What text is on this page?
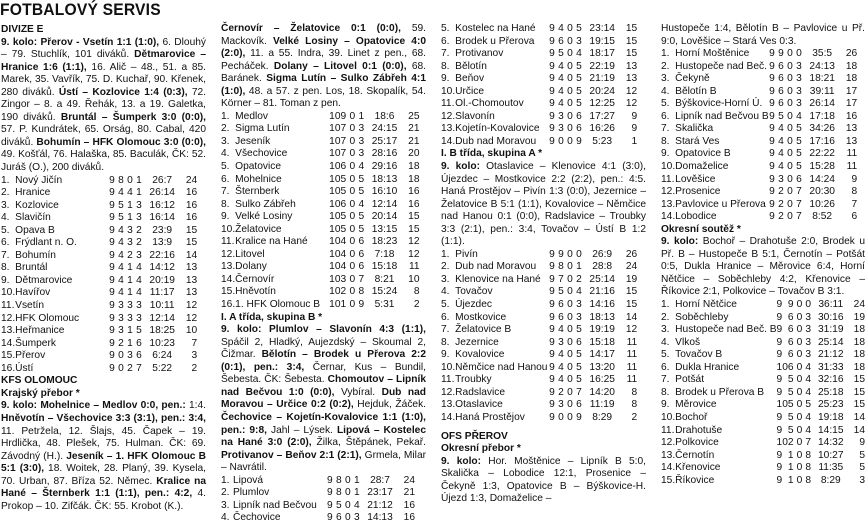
FOTBALOVÝ SERVIS
DIVIZE E
9. kolo: Přerov - Vsetín 1:1 (1:0), 6. Dlouhý – 79. Stuchlík, 101 diváků. Dětmarovice – Hranice 1:6 (1:1), 16. Alič – 48., 51. a 85. Marek, 35. Vavřík, 75. D. Kuchař, 90. Křenek, 280 diváků. Ústí – Kozlovice 1:4 (0:3), 72. Zingor – 8. a 49. Řehák, 13. a 19. Galetka, 190 diváků. Bruntál – Šumperk 3:0 (0:0), 57. P. Kundrátek, 65. Orság, 80. Cabal, 420 diváků. Bohumín – HFK Olomouc 3:0 (0:0), 49. Košťál, 76. Halaška, 85. Baculák, ČK: 52. Juráš (O.), 200 diváků.
1.	Nový Jičín	9	8	0	1	26:7	24
2.	Hranice	9	4	4	1	26:14	16
3.	Kozlovice	9	5	1	3	16:12	16
4.	Slavičín	9	5	1	3	16:14	16
5.	Opava B	9	4	3	2	23:9	15
6.	Frýdlant n. O.	9	4	3	2	13:9	15
7.	Bohumín	9	4	2	3	22:16	14
8.	Bruntál	9	4	1	4	14:12	13
9.	Dětmarovice	9	4	1	4	20:19	13
10.	Havířov	9	4	1	4	11:17	13
11.	Vsetín	9	3	3	3	10:11	12
12.	HFK Olomouc	9	3	3	3	12:14	12
13.	Heřmanice	9	3	1	5	18:25	10
14.	Šumperk	9	2	1	6	10:23	7
15.	Přerov	9	0	3	6	6:24	3
16.	Ústí	9	0	2	7	5:22	2
KFS OLOMOUC
Krajský přebor *
9. kolo: Mohelnice – Medlov 0:0, pen.: 1:4. Hněvotín – Všechovice 3:3 (3:1), pen.: 3:4, 11. Petržela, 12. Šlajs, 45. Čapek – 19. Hrdlička, 48. Plešek, 75. Hulman. ČK: 69. Závodný (H.). Jeseník – 1. HFK Olomouc B 5:1 (3:0), 18. Woitek, 28. Planý, 39. Kysela, 70. Urban, 87. Bříza 52. Němec. Kralice na Hané – Šternberk 1:1 (1:1), pen.: 4:2, 4. Prokop – 10. Zifčák. ČK: 55. Krobot (K.).
Černovír – Želatovice 0:1 (0:0), 59. Mackovík. Velké Losiny – Opatovice 4:0 (2:0), 11. a 55. Indra, 39. Linet z pen., 68. Pecháček. Dolany – Litovel 0:1 (0:0), 68. Baránek. Sigma Lutín – Sulko Zábřeh 4:1 (1:0), 48. a 57. z pen. Los, 18. Skopalík, 54. Körner – 81. Toman z pen.
1.	Medlov	10	9	0	1	18:6	25
2.	Sigma Lutín	10	7	0	3	24:15	21
3.	Jeseník	10	7	0	3	25:17	21
4.	Všechovice	10	7	0	3	28:16	20
5.	Opatovice	10	6	0	4	29:16	18
6.	Mohelnice	10	5	0	5	18:13	18
7.	Šternberk	10	5	0	5	16:10	16
8.	Sulko Zábřeh	10	6	0	4	12:14	16
9.	Velké Losiny	10	5	0	5	20:14	15
10.	Želatovice	10	5	0	5	13:15	15
11.	Kralice na Hané	10	4	0	6	18:23	12
12.	Litovel	10	4	0	6	7:18	12
13.	Dolany	10	4	0	6	15:18	11
14.	Černovír	10	3	0	7	8:21	10
15.	Hněvotín	10	2	0	8	15:24	8
16.	1. HFK Olomouc B	10	1	0	9	5:31	2
I. A třída, skupina B *
9. kolo: Plumlov – Slavonín 4:3 (1:1), Spáčil 2, Hladký, Aujezdský – Skoumal 2, Čižmar. Bělotín – Brodek u Přerova 2:2 (0:1), pen.: 3:4, Černar, Kus – Bundil, Šebesta. ČK: Šebesta. Chomoutov – Lipník nad Bečvou 1:0 (0:0), Vybíral. Dub nad Moravou – Určice 0:2 (0:2), Hejduk, Žáček. Čechovice – Kojetín-Kovalovice 1:1 (1:0), pen.: 9:8, Jahl – Lýsek. Lipová – Kostelec na Hané 3:0 (2:0), Žilka, Štěpánek, Pekař. Protivanov – Beňov 2:1 (2:1), Grmela, Milar – Navrátil.
1.	Lipová	9	8	0	1	28:7	24
2.	Plumlov	9	8	0	1	23:17	21
3.	Lipník nad Bečvou	9	5	0	4	21:12	16
4.	Čechovice	9	6	0	3	14:13	16
5.	Kostelec na Hané	9	4	0	5	23:14	15
6.	Brodek u Přerova	9	6	0	3	19:15	15
7.	Protivanov	9	5	0	4	18:17	15
8.	Bělotín	9	4	0	5	22:19	13
9.	Beňov	9	4	0	5	21:19	13
10.	Určice	9	4	0	5	20:24	12
11.	Ol.-Chomoutov	9	4	0	5	12:25	12
12.	Slavonín	9	3	0	6	17:27	9
13.	Kojetín-Kovalovice	9	3	0	6	16:26	9
14.	Dub nad Moravou	9	0	0	9	5:23	1
I. B třída, skupina A *
9. kolo: Otaslavice – Klenovice 4:1 (3:0), Újezdec – Mostkovice 2:2 (2:2), pen.: 4:5. Haná Prostějov – Pivín 1:3 (0:0), Jezernice – Želatovice B 5:1 (1:1), Kovalovice – Němčice nad Hanou 0:1 (0:0), Radslavice – Troubky 3:3 (2:1), pen.: 3:4, Tovačov – Ústí B 1:2 (1:1).
1.	Pivín	9	9	0	0	26:9	26
2.	Dub nad Moravou	9	8	0	1	28:8	24
3.	Klenovice na Hané	9	7	0	2	25:14	19
4.	Tovačov	9	5	0	4	21:16	15
5.	Újezdec	9	6	0	3	14:16	15
6.	Mostkovice	9	6	0	3	18:13	14
7.	Želatovice B	9	4	0	5	19:19	12
8.	Jezernice	9	3	0	6	15:18	11
9.	Kovalovice	9	4	0	5	14:17	11
10.	Němčice nad Hanou	9	4	0	5	13:20	11
11.	Troubky	9	4	0	5	16:25	11
12.	Radslavice	9	2	0	7	14:20	8
13.	Otaslavice	9	3	0	6	11:19	8
14.	Haná Prostějov	9	0	0	9	8:29	2
OFS PŘEROV
Okresní přebor *
9. kolo: Hor. Moštěnice – Lipník B 5:0, Skalička – Lobodice 12:1, Prosenice – Čekyně 1:3, Opatovice B – Býškovice-H. Újezd 1:3, Domaželice –
Hustopeče 1:4, Bělotín B – Pavlovice u Př. 9:0, Lověšice – Stará Ves 0:3.
1.	Horní Moštěnice	9	9	0	0	35:5	26
2.	Hustopeče nad Beč.	9	6	0	3	24:13	18
3.	Čekyně	9	6	0	3	18:21	18
4.	Bělotín B	9	6	0	3	39:11	17
5.	Býškovice-Horní Ú.	9	6	0	3	26:14	17
6.	Lipník nad Bečvou B	9	5	0	4	17:18	16
7.	Skalička	9	4	0	5	34:26	13
8.	Stará Ves	9	4	0	5	17:16	13
9.	Opatovice B	9	4	0	5	22:22	11
10.	Domaželice	9	4	0	5	15:28	11
11.	Lověšice	9	3	0	6	14:24	9
12.	Prosenice	9	2	0	7	20:30	8
13.	Pavlovice u Přerova	9	2	0	7	10:26	7
14.	Lobodice	9	2	0	7	8:52	6
Okresní soutěž *
9. kolo: Bochoř – Drahotuše 2:0, Brodek u Př. B – Hustopeče B 5:1, Černotín – Potšát 0:5, Dukla Hranice – Měrovice 6:4, Horní Nětčice – Soběchleby 4:2, Křenovice – Říkovice 2:1, Polkovice – Tovačov B 3:1.
1.	Horní Nětčice	9	9	0	0	36:11	24
2.	Soběchleby	9	6	0	3	30:16	19
3.	Hustopeče nad Beč. B	9	6	0	3	31:19	18
4.	Vlkoš	9	6	0	3	25:14	18
5.	Tovačov B	9	6	0	3	21:12	18
6.	Dukla Hranice	10	6	0	4	31:33	18
7.	Potšát	9	5	0	4	32:16	15
8.	Brodek u Přerova B	9	5	0	4	25:18	15
9.	Měrovice	10	5	0	5	25:23	15
10.	Bochoř	9	5	0	4	19:18	14
11.	Drahotuše	9	5	0	4	14:15	14
12.	Polkovice	10	2	0	7	14:32	9
13.	Černotín	9	1	0	8	10:27	5
14.	Křenovice	9	1	0	8	11:35	5
15.	Říkovice	9	1	0	8	8:29	3
